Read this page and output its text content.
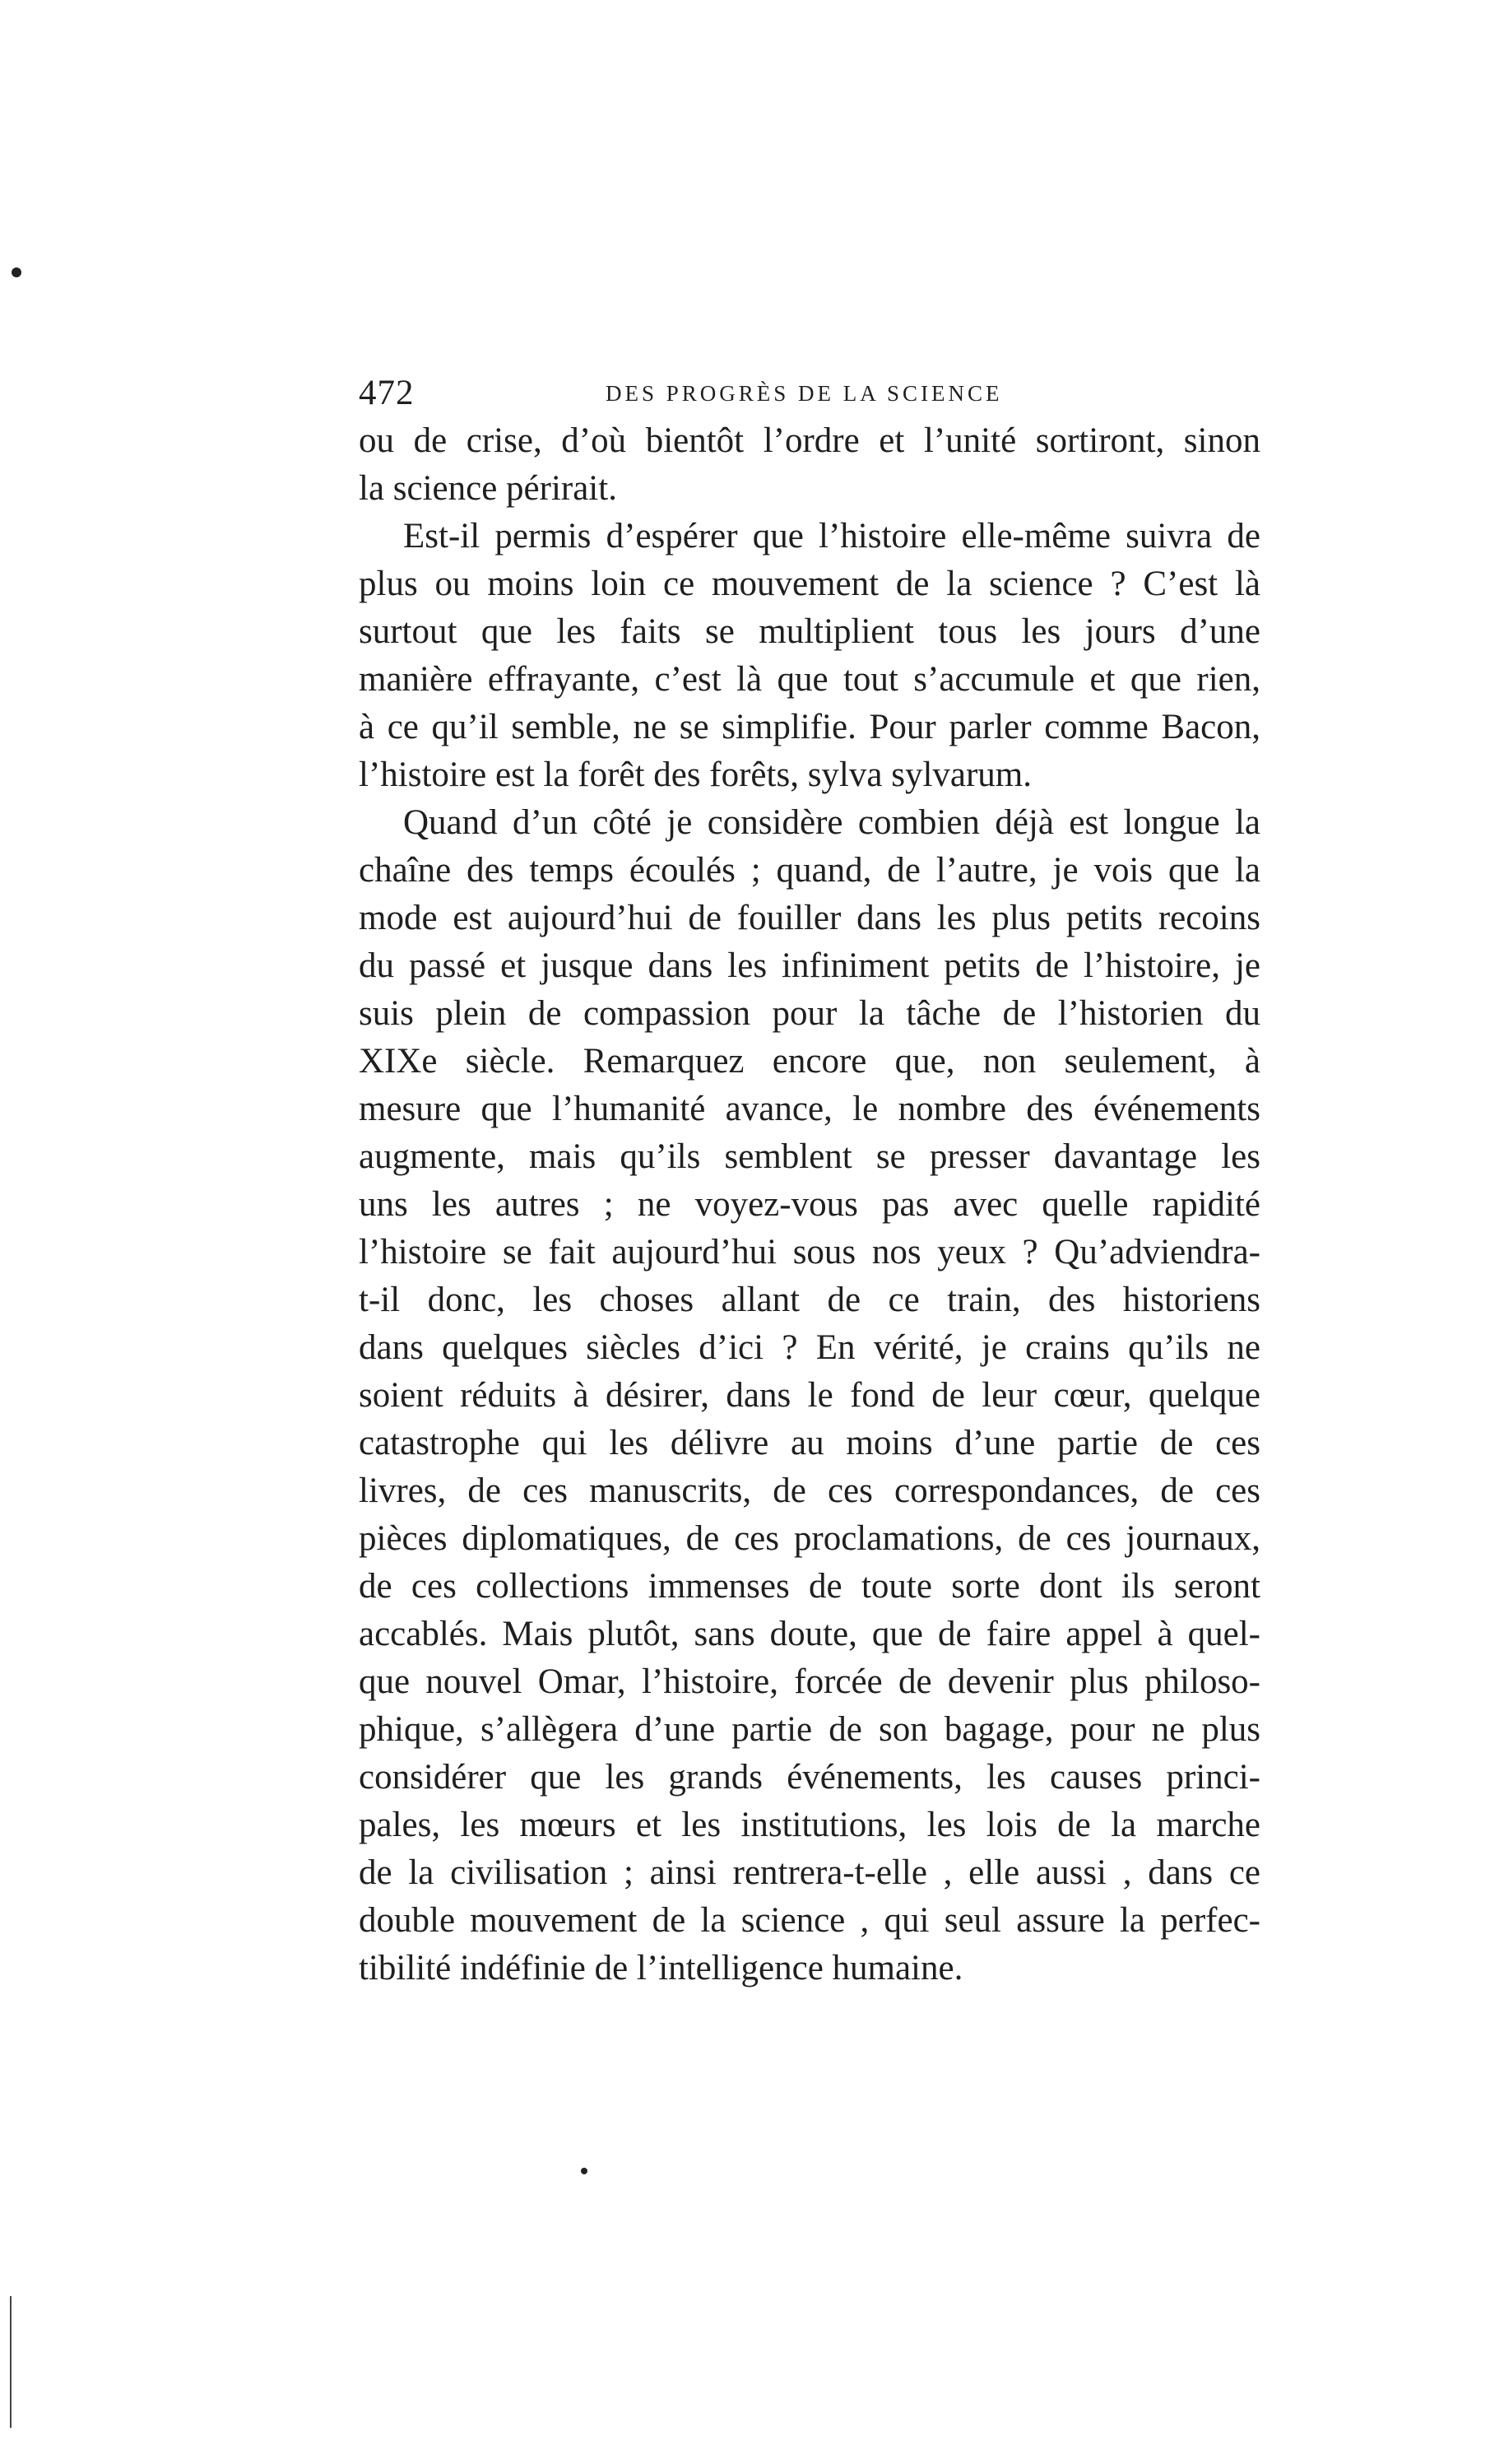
472	DES PROGRÈS DE LA SCIENCE
ou de crise, d’où bientôt l’ordre et l’unité sortiront, sinon
la science périrait.
Est-il permis d’espérer que l’histoire elle-même suivra de
plus ou moins loin ce mouvement de la science ? C’est là
surtout que les faits se multiplient tous les jours d’une
manière effrayante, c’est là que tout s’accumule et que rien,
à ce qu’il semble, ne se simplifie. Pour parler comme Bacon,
l’histoire est la forêt des forêts, sylva sylvarum.
Quand d’un côté je considère combien déjà est longue la
chaîne des temps écoulés ; quand, de l’autre, je vois que la
mode est aujourd’hui de fouiller dans les plus petits recoins
du passé et jusque dans les infiniment petits de l’histoire, je
suis plein de compassion pour la tâche de l’historien du
XIXe siècle. Remarquez encore que, non seulement, à
mesure que l’humanité avance, le nombre des événements
augmente, mais qu’ils semblent se presser davantage les
uns les autres ; ne voyez-vous pas avec quelle rapidité
l’histoire se fait aujourd’hui sous nos yeux ? Qu’adviendra-
t-il donc, les choses allant de ce train, des historiens
dans quelques siècles d’ici ? En vérité, je crains qu’ils ne
soient réduits à désirer, dans le fond de leur cœur, quelque
catastrophe qui les délivre au moins d’une partie de ces
livres, de ces manuscrits, de ces correspondances, de ces
pièces diplomatiques, de ces proclamations, de ces journaux,
de ces collections immenses de toute sorte dont ils seront
accablés. Mais plutôt, sans doute, que de faire appel à quel-
que nouvel Omar, l’histoire, forcée de devenir plus philoso-
phique, s’allègera d’une partie de son bagage, pour ne plus
considérer que les grands événements, les causes princi-
pales, les mœurs et les institutions, les lois de la marche
de la civilisation ; ainsi rentrera-t-elle , elle aussi , dans ce
double mouvement de la science , qui seul assure la perfec-
tibilité indéfinie de l’intelligence humaine.
